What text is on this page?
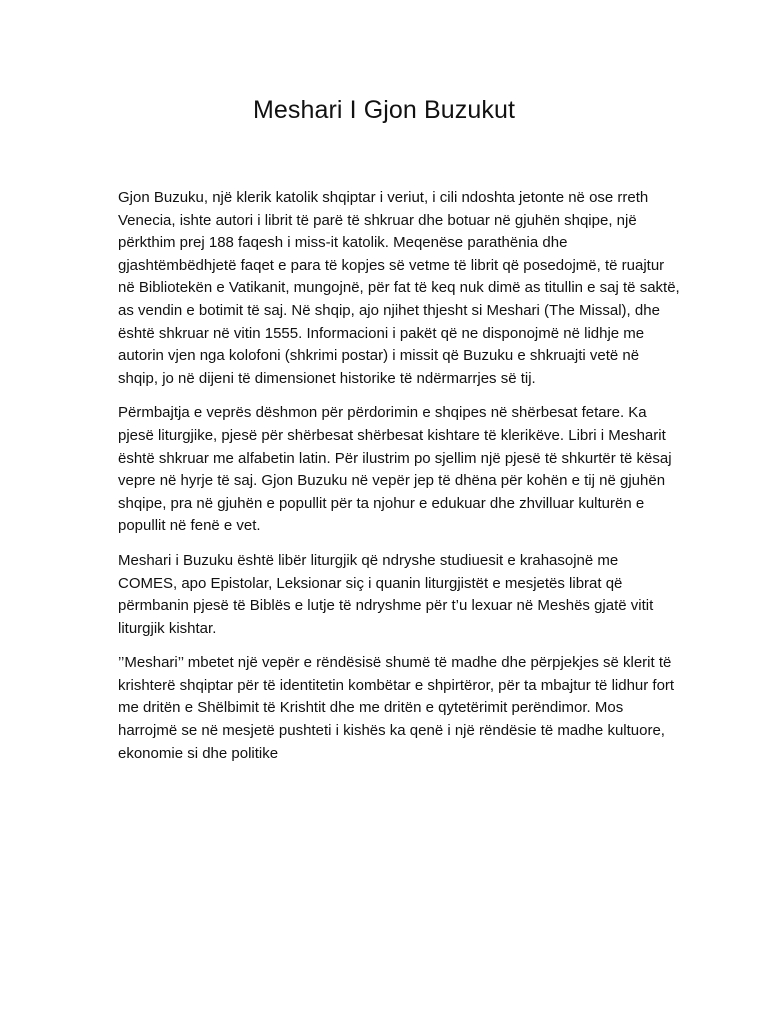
Meshari I Gjon Buzukut

Gjon Buzuku, një klerik katolik shqiptar i veriut, i cili ndoshta jetonte në ose rreth Venecia, ishte autori i librit të parë të shkruar dhe botuar në gjuhën shqipe, një përkthim prej 188 faqesh i miss-it katolik. Meqenëse parathënia dhe gjashtëmbëdhjetë faqet e para të kopjes së vetme të librit që posedojmë, të ruajtur në Bibliotekën e Vatikanit, mungojnë, për fat të keq nuk dimë as titullin e saj të saktë, as vendin e botimit të saj. Në shqip, ajo njihet thjesht si Meshari (The Missal), dhe është shkruar në vitin 1555. Informacioni i pakët që ne disponojmë në lidhje me autorin vjen nga kolofoni (shkrimi postar) i missit që Buzuku e shkruajti vetë në shqip, jo në dijeni të dimensionet historike të ndërmarrjes së tij.

Përmbajtja e veprës dëshmon për përdorimin e shqipes në shërbesat fetare. Ka pjesë liturgjike, pjesë për shërbesat shërbesat kishtare të klerikëve. Libri i Mesharit është shkruar me alfabetin latin. Për ilustrim po sjellim një pjesë të shkurtër të kësaj vepre në hyrje të saj. Gjon Buzuku në vepër jep të dhëna për kohën e tij në gjuhën shqipe, pra në gjuhën e popullit për ta njohur e edukuar dhe zhvilluar kulturën e popullit në fenë e vet.

Meshari i Buzuku është libër liturgjik që ndryshe studiuesit e krahasojnë me COMES, apo Epistolar, Leksionar siç i quanin liturgjistët e mesjetës librat që përmbanin pjesë të Biblës e lutje të ndryshme për t’u lexuar në Meshës gjatë vitit liturgjik kishtar.

’’Meshari’’ mbetet një vepër e rëndësisë shumë të madhe dhe përpjekjes së klerit të krishterë shqiptar për të identitetin kombëtar e shpirtëror, për ta mbajtur të lidhur fort me dritën e Shëlbimit të Krishtit dhe me dritën e qytetërimit perëndimor. Mos harrojmë se në mesjetë pushteti i kishës ka qenë i një rëndësie të madhe kultuore, ekonomie si dhe politike
